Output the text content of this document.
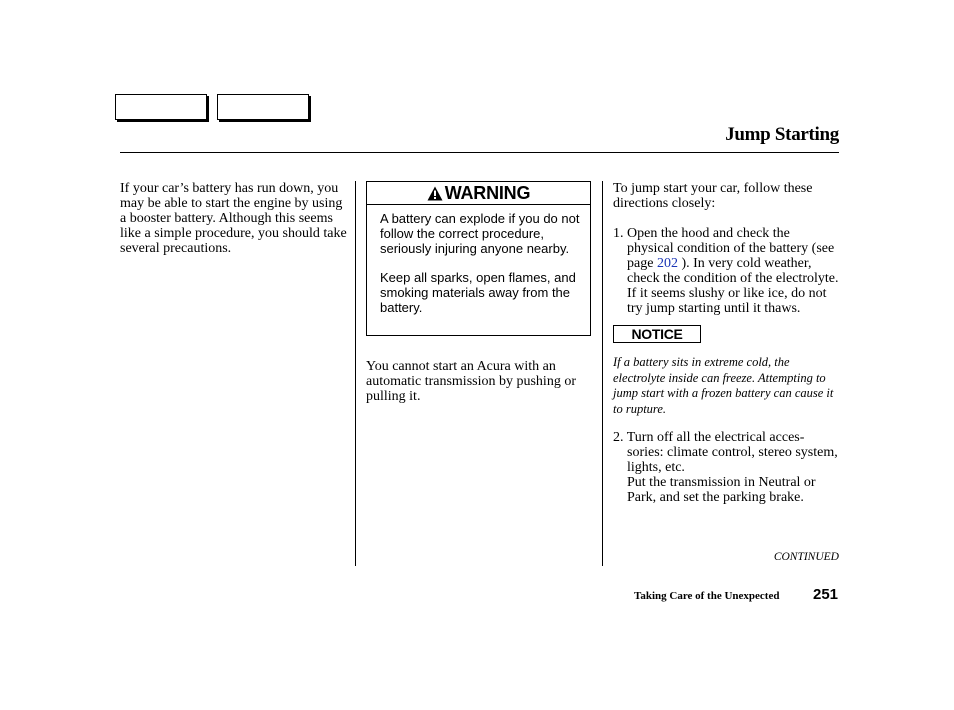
Jump Starting

If your car’s battery has run down, you may be able to start the engine by using a booster battery. Although this seems like a simple procedure, you should take several precautions.

WARNING

A battery can explode if you do not follow the correct procedure, seriously injuring anyone nearby.

Keep all sparks, open flames, and smoking materials away from the battery.

You cannot start an Acura with an automatic transmission by pushing or pulling it.

To jump start your car, follow these directions closely:

1. Open the hood and check the physical condition of the battery (see page 202 ). In very cold weather, check the condition of the electrolyte. If it seems slushy or like ice, do not try jump starting until it thaws.

NOTICE

If a battery sits in extreme cold, the electrolyte inside can freeze. Attempting to jump start with a frozen battery can cause it to rupture.

2. Turn off all the electrical acces- sories: climate control, stereo system, lights, etc.

Put the transmission in Neutral or Park, and set the parking brake.

CONTINUED
Taking Care of the Unexpected 251
